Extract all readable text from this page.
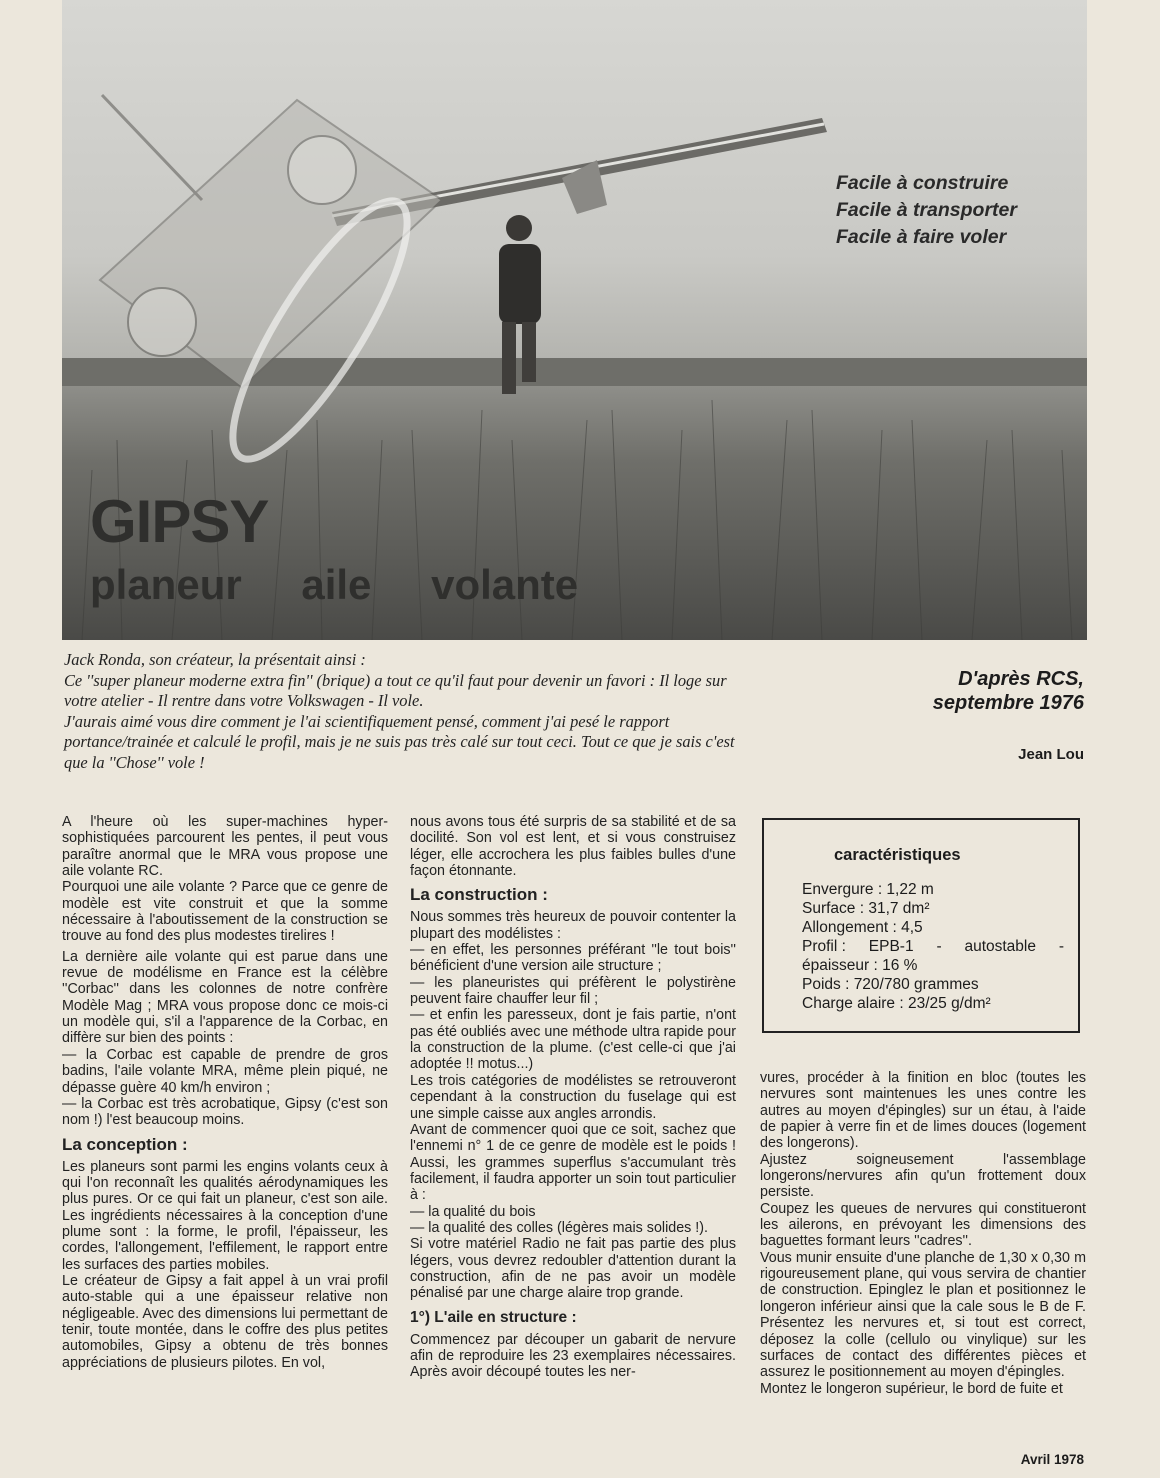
Facile à construire
Facile à transporter
Facile à faire voler
GIPSY
planeur aile volante

Jack Ronda, son créateur, la présentait ainsi :

Ce ''super planeur moderne extra fin'' (brique) a tout ce qu'il faut pour devenir un favori : Il loge sur votre atelier - Il rentre dans votre Volkswagen - Il vole.

J'aurais aimé vous dire comment je l'ai scientifiquement pensé, comment j'ai pesé le rapport portance/trainée et calculé le profil, mais je ne suis pas très calé sur tout ceci. Tout ce que je sais c'est que la ''Chose'' vole !

D'après RCS,
septembre 1976
Jean Lou

A l'heure où les super-machines hyper-sophistiquées parcourent les pentes, il peut vous paraître anormal que le MRA vous propose une aile volante RC.

Pourquoi une aile volante ? Parce que ce genre de modèle est vite construit et que la somme nécessaire à l'aboutissement de la construction se trouve au fond des plus modestes tirelires !

La dernière aile volante qui est parue dans une revue de modélisme en France est la célèbre ''Corbac'' dans les colonnes de notre confrère Modèle Mag ; MRA vous propose donc ce mois-ci un modèle qui, s'il a l'apparence de la Corbac, en diffère sur bien des points :

— la Corbac est capable de prendre de gros badins, l'aile volante MRA, même plein piqué, ne dépasse guère 40 km/h environ ;

— la Corbac est très acrobatique, Gipsy (c'est son nom !) l'est beaucoup moins.

La conception :

Les planeurs sont parmi les engins volants ceux à qui l'on reconnaît les qualités aérodynamiques les plus pures. Or ce qui fait un planeur, c'est son aile. Les ingrédients nécessaires à la conception d'une plume sont : la forme, le profil, l'épaisseur, les cordes, l'allongement, l'effilement, le rapport entre les surfaces des parties mobiles.

Le créateur de Gipsy a fait appel à un vrai profil auto-stable qui a une épaisseur relative non négligeable. Avec des dimensions lui permettant de tenir, toute montée, dans le coffre des plus petites automobiles, Gipsy a obtenu de très bonnes appréciations de plusieurs pilotes. En vol,

nous avons tous été surpris de sa stabilité et de sa docilité. Son vol est lent, et si vous construisez léger, elle accrochera les plus faibles bulles d'une façon étonnante.

La construction :

Nous sommes très heureux de pouvoir contenter la plupart des modélistes :

— en effet, les personnes préférant ''le tout bois'' bénéficient d'une version aile structure ;

— les planeuristes qui préfèrent le polystirène peuvent faire chauffer leur fil ;

— et enfin les paresseux, dont je fais partie, n'ont pas été oubliés avec une méthode ultra rapide pour la construction de la plume. (c'est celle-ci que j'ai adoptée !! motus...)

Les trois catégories de modélistes se retrouveront cependant à la construction du fuselage qui est une simple caisse aux angles arrondis.

Avant de commencer quoi que ce soit, sachez que l'ennemi n° 1 de ce genre de modèle est le poids ! Aussi, les grammes superflus s'accumulant très facilement, il faudra apporter un soin tout particulier à :

— la qualité du bois

— la qualité des colles (légères mais solides !).

Si votre matériel Radio ne fait pas partie des plus légers, vous devrez redoubler d'attention durant la construction, afin de ne pas avoir un modèle pénalisé par une charge alaire trop grande.

1°) L'aile en structure :

Commencez par découper un gabarit de nervure afin de reproduire les 23 exemplaires nécessaires. Après avoir découpé toutes les ner-

caractéristiques
Envergure : 1,22 m
Surface : 31,7 dm²
Allongement : 4,5
Profil : EPB-1 - autostable -
épaisseur : 16 %
Poids : 720/780 grammes
Charge alaire : 23/25 g/dm²

vures, procéder à la finition en bloc (toutes les nervures sont maintenues les unes contre les autres au moyen d'épingles) sur un étau, à l'aide de papier à verre fin et de limes douces (logement des longerons).

Ajustez soigneusement l'assemblage longerons/nervures afin qu'un frottement doux persiste.

Coupez les queues de nervures qui constitueront les ailerons, en prévoyant les dimensions des baguettes formant leurs ''cadres''.

Vous munir ensuite d'une planche de 1,30 x 0,30 m rigoureusement plane, qui vous servira de chantier de construction. Epinglez le plan et positionnez le longeron inférieur ainsi que la cale sous le B de F. Présentez les nervures et, si tout est correct, déposez la colle (cellulo ou vinylique) sur les surfaces de contact des différentes pièces et assurez le positionnement au moyen d'épingles.

Montez le longeron supérieur, le bord de fuite et

Avril 1978
